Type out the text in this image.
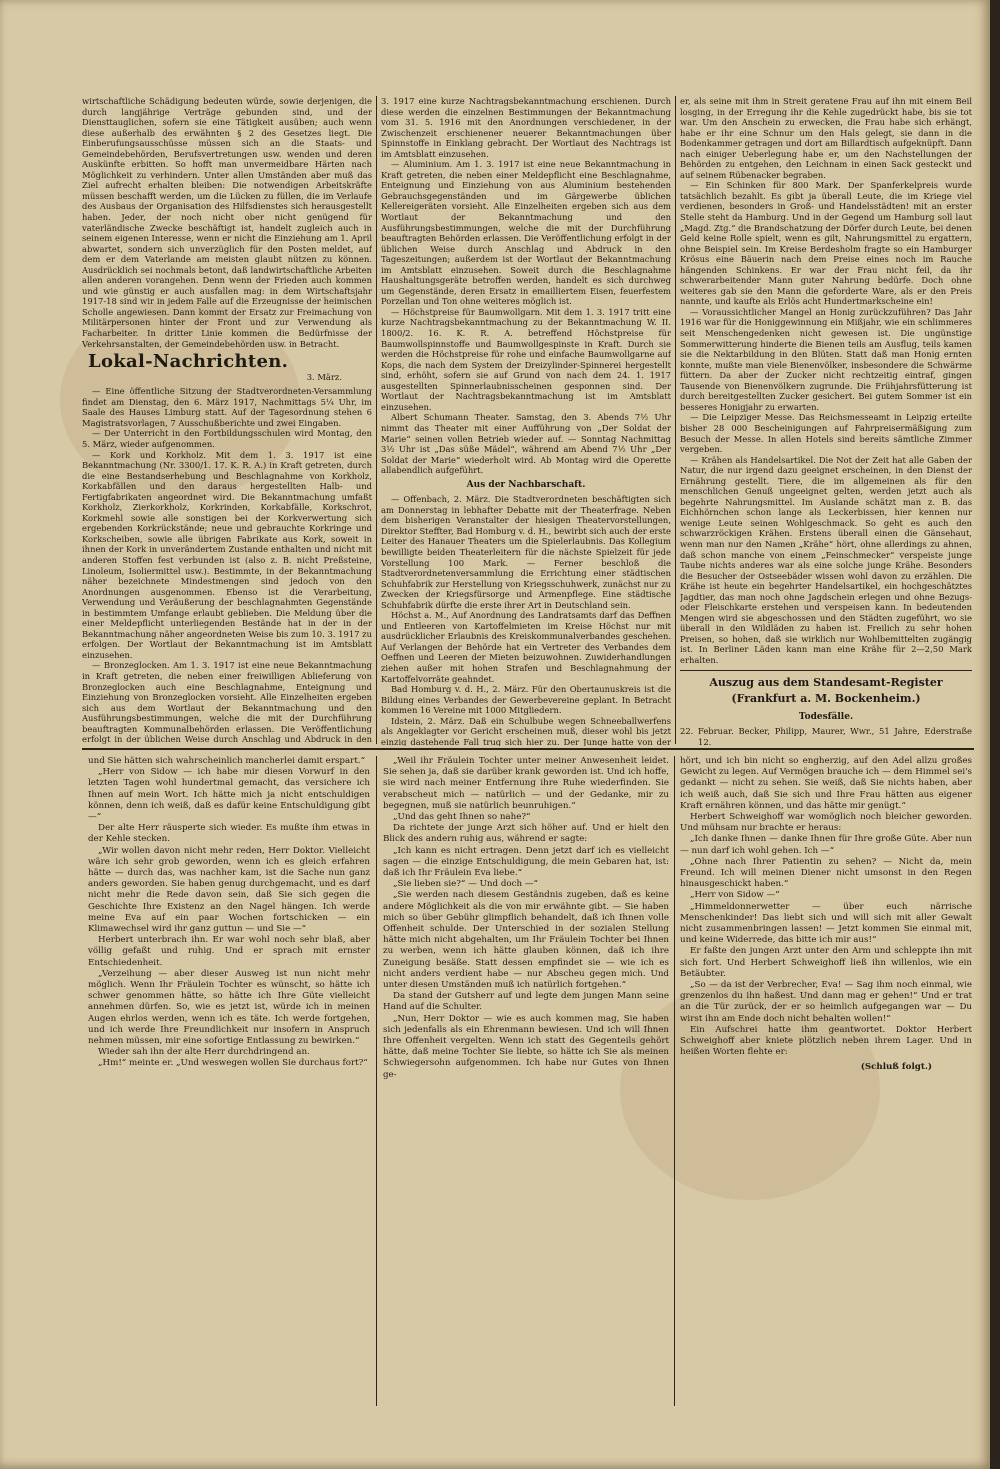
wirtschaftliche Schädigung bedeuten würde, sowie derjenigen, die durch langjährige Verträge gebunden sind, und der Diensttauglichen, sofern sie eine Tätigkeit ausüben; auch wenn diese außerhalb des erwähnten § 2 des Gesetzes liegt. Die Einberufungsausschüsse müssen sich an die Staats- und Gemeindebehörden, Berufsvertretungen usw. wenden und deren Auskünfte erbitten. So hofft man unvermeidbare Härten nach Möglichkeit zu verhindern. Unter allen Umständen aber muß das Ziel aufrecht erhalten bleiben: Die notwendigen Arbeitskräfte müssen beschafft werden, um die Lücken zu füllen, die im Verlaufe des Ausbaus der Organisation des Hilfsdienstes sich herausgestellt haben. Jeder, der noch nicht ober nicht genügend für vaterländische Zwecke beschäftigt ist, handelt zugleich auch in seinem eigenen Interesse, wenn er nicht die Einziehung am 1. April abwartet, sondern sich unverzüglich für den Posten meldet, auf dem er dem Vaterlande am meisten glaubt nützen zu können. Ausdrücklich sei nochmals betont, daß landwirtschaftliche Arbeiten allen anderen vorangehen. Denn wenn der Frieden auch kommen und wie günstig er auch ausfallen mag: in dem Wirtschaftsjahr 1917-18 sind wir in jedem Falle auf die Erzeugnisse der heimischen Scholle angewiesen. Dann kommt der Ersatz zur Freimachung von Militärpersonen hinter der Front und zur Verwendung als Facharbeiter. In dritter Linie kommen die Bedürfnisse der Verkehrsanstalten, der Gemeindebehörden usw. in Betracht.

Lokal-Nachrichten.
3. März.

— Eine öffentliche Sitzung der Stadtverordneten-Versammlung findet am Dienstag, den 6. März 1917, Nachmittags 5¼ Uhr, im Saale des Hauses Limburg statt. Auf der Tagesordnung stehen 6 Magistratsvorlagen, 7 Ausschußberichte und zwei Eingaben.

— Der Unterricht in den Fortbildungsschulen wird Montag, den 5. März, wieder aufgenommen.

— Kork und Korkholz. Mit dem 1. 3. 1917 ist eine Bekanntmachung (Nr. 3300/1. 17. K. R. A.) in Kraft getreten, durch die eine Bestandserhebung und Beschlagnahme von Korkholz, Korkabfällen und den daraus hergestellten Halb- und Fertigfabrikaten angeordnet wird. Die Bekanntmachung umfaßt Korkholz, Zierkorkholz, Korkrinden, Korkabfälle, Korkschrot, Korkmehl sowie alle sonstigen bei der Korkverwertung sich ergebenden Korkrückstände; neue und gebrauchte Korkringe und Korkscheiben, sowie alle übrigen Fabrikate aus Kork, soweit in ihnen der Kork in unverändertem Zustande enthalten und nicht mit anderen Stoffen fest verbunden ist (also z. B. nicht Preßsteine, Linoleum, Isoliermittel usw.). Bestimmte, in der Bekanntmachung näher bezeichnete Mindestmengen sind jedoch von den Anordnungen ausgenommen. Ebenso ist die Verarbeitung, Verwendung und Veräußerung der beschlagnahmten Gegenstände in bestimmtem Umfange erlaubt geblieben. Die Meldung über die einer Meldepflicht unterliegenden Bestände hat in der in der Bekanntmachung näher angeordneten Weise bis zum 10. 3. 1917 zu erfolgen. Der Wortlaut der Bekanntmachung ist im Amtsblatt einzusehen.

— Bronzeglocken. Am 1. 3. 1917 ist eine neue Bekanntmachung in Kraft getreten, die neben einer freiwilligen Ablieferung von Bronzeglocken auch eine Beschlagnahme, Enteignung und Einziehung von Bronzeglocken vorsieht. Alle Einzelheiten ergeben sich aus dem Wortlaut der Bekanntmachung und den Ausführungsbestimmungen, welche die mit der Durchführung beauftragten Kommunalbehörden erlassen. Die Veröffentlichung erfolgt in der üblichen Weise durch Anschlag und Abdruck in den

3. 1917 eine kurze Nachtragsbekanntmachung erschienen. Durch diese werden die einzelnen Bestimmungen der Bekanntmachung vom 31. 5. 1916 mit den Anordnungen verschiedener, in der Zwischenzeit erschienener neuerer Bekanntmachungen über Spinnstoffe in Einklang gebracht. Der Wortlaut des Nachtrags ist im Amtsblatt einzusehen.

— Aluminium. Am 1. 3. 1917 ist eine neue Bekanntmachung in Kraft getreten, die neben einer Meldepflicht eine Beschlagnahme, Enteignung und Einziehung von aus Aluminium bestehenden Gebrauchsgegenständen und im Gärgewerbe üblichen Kellereigeräten vorsieht. Alle Einzelheiten ergeben sich aus dem Wortlaut der Bekanntmachung und den Ausführungsbestimmungen, welche die mit der Durchführung beauftragten Behörden erlassen. Die Veröffentlichung erfolgt in der üblichen Weise durch Anschlag und Abdruck in den Tageszeitungen; außerdem ist der Wortlaut der Bekanntmachung im Amtsblatt einzusehen. Soweit durch die Beschlagnahme Haushaltungsgeräte betroffen werden, handelt es sich durchweg um Gegenstände, deren Ersatz in emailliertem Eisen, feuerfestem Porzellan und Ton ohne weiteres möglich ist.

— Höchstpreise für Baumwollgarn. Mit dem 1. 3. 1917 tritt eine kurze Nachtragsbekanntmachung zu der Bekanntmachung W. II. 1800/2. 16. K. R. A. betreffend Höchstpreise für Baumwollspinnstoffe und Baumwollgespinste in Kraft. Durch sie werden die Höchstpreise für rohe und einfache Baumwollgarne auf Kops, die nach dem System der Dreizylinder-Spinnerei hergestellt sind, erhöht, sofern sie auf Grund von nach dem 24. 1. 1917 ausgestellten Spinnerlaubnisscheinen gesponnen sind. Der Wortlaut der Nachtragsbekanntmachung ist im Amtsblatt einzusehen.

Albert Schumann Theater. Samstag, den 3. Abends 7½ Uhr nimmt das Theater mit einer Aufführung von „Der Soldat der Marie“ seinen vollen Betrieb wieder auf. — Sonntag Nachmittag 3½ Uhr ist „Das süße Mädel“, während am Abend 7½ Uhr „Der Soldat der Marie“ wiederholt wird. Ab Montag wird die Operette allabendlich aufgeführt.

Aus der Nachbarschaft.

— Offenbach, 2. März. Die Stadtverordneten beschäftigten sich am Donnerstag in lebhafter Debatte mit der Theaterfrage. Neben dem bisherigen Veranstalter der hiesigen Theatervorstellungen, Direktor Steffter, Bad Homburg v. d. H., bewirbt sich auch der erste Leiter des Hanauer Theaters um die Spielerlaubnis. Das Kollegium bewilligte beiden Theaterleitern für die nächste Spielzeit für jede Vorstellung 100 Mark. — Ferner beschloß die Stadtverordnetenversammlung die Errichtung einer städtischen Schuhfabrik zur Herstellung von Kriegsschuhwerk, zunächst nur zu Zwecken der Kriegsfürsorge und Armenpflege. Eine städtische Schuhfabrik dürfte die erste ihrer Art in Deutschland sein.

Höchst a. M., Auf Anordnung des Landratsamts darf das Deffnen und Entleeren von Kartoffelmieten im Kreise Höchst nur mit ausdrücklicher Erlaubnis des Kreiskommunalverbandes geschehen. Auf Verlangen der Behörde hat ein Vertreter des Verbandes dem Oeffnen und Leeren der Mieten beizuwohnen. Zuwiderhandlungen ziehen außer mit hohen Strafen und Beschlagnahmung der Kartoffelvorräte geahndet.

Bad Homburg v. d. H., 2. März. Für den Obertaunuskreis ist die Bildung eines Verbandes der Gewerbevereine geplant. In Betracht kommen 16 Vereine mit 1000 Mitgliedern.

Idstein, 2. März. Daß ein Schulbube wegen Schneeballwerfens als Angeklagter vor Gericht erscheinen muß, dieser wohl bis jetzt einzig dastehende Fall trug sich hier zu. Der Junge hatte von der

er, als seine mit ihm in Streit geratene Frau auf ihn mit einem Beil losging, in der Erregung ihr die Kehle zugedrückt habe, bis sie tot war. Um den Anschein zu erwecken, die Frau habe sich erhängt, habe er ihr eine Schnur um den Hals gelegt, sie dann in die Bodenkammer getragen und dort am Billardtisch aufgeknüpft. Dann nach einiger Ueberlegung habe er, um den Nachstellungen der Behörden zu entgehen, den Leichnam in einen Sack gesteckt und auf seinem Rübenacker begraben.

— Ein Schinken für 800 Mark. Der Spanferkelpreis wurde tatsächlich bezahlt. Es gibt ja überall Leute, die im Kriege viel verdienen, besonders in Groß- und Handelsstädten! mit an erster Stelle steht da Hamburg. Und in der Gegend um Hamburg soll laut „Magd. Ztg.“ die Brandschatzung der Dörfer durch Leute, bei denen Geld keine Rolle spielt, wenn es gilt, Nahrungsmittel zu ergattern, ohne Beispiel sein. Im Kreise Berdesholm fragte so ein Hamburger Krösus eine Bäuerin nach dem Preise eines noch im Rauche hängenden Schinkens. Er war der Frau nicht feil, da ihr schwerarbeitender Mann guter Nahrung bedürfe. Doch ohne weiteres gab sie den Mann die geforderte Ware, als er den Preis nannte, und kaufte als Erlös acht Hundertmarkscheine ein!

— Voraussichtlicher Mangel an Honig zurückzuführen? Das Jahr 1916 war für die Honiggewinnung ein Mißjahr, wie ein schlimmeres seit Menschengedenken nicht gewesen ist. Die ungünstige Sommerwitterung hinderte die Bienen teils am Ausflug, teils kamen sie die Nektarbildung in den Blüten. Statt daß man Honig ernten konnte, mußte man viele Bienenvölker, insbesondere die Schwärme füttern. Da aber der Zucker nicht rechtzeitig eintraf, gingen Tausende von Bienenvölkern zugrunde. Die Frühjahrsfütterung ist durch bereitgestellten Zucker gesichert. Bei gutem Sommer ist ein besseres Honigjahr zu erwarten.

— Die Leipziger Messe. Das Reichsmesseamt in Leipzig erteilte bisher 28 000 Bescheinigungen auf Fahrpreisermäßigung zum Besuch der Messe. In allen Hotels sind bereits sämtliche Zimmer vergeben.

— Krähen als Handelsartikel. Die Not der Zeit hat alle Gaben der Natur, die nur irgend dazu geeignet erscheinen, in den Dienst der Ernährung gestellt. Tiere, die im allgemeinen als für den menschlichen Genuß ungeeignet gelten, werden jetzt auch als begehrte Nahrungsmittel. Im Auslande schätzt man z. B. das Eichhörnchen schon lange als Leckerbissen, hier kennen nur wenige Leute seinen Wohlgeschmack. So geht es auch den schwarzröckigen Krähen. Erstens überall einen die Gänsehaut, wenn man nur den Namen „Krähe“ hört, ohne allerdings zu ahnen, daß schon manche von einem „Feinschmecker“ verspeiste junge Taube nichts anderes war als eine solche junge Krähe. Besonders die Besucher der Ostseebäder wissen wohl davon zu erzählen. Die Krähe ist heute ein begehrter Handelsartikel, ein hochgeschätztes Jagdtier, das man noch ohne Jagdschein erlegen und ohne Bezugs- oder Fleischkarte erstehen und verspeisen kann. In bedeutenden Mengen wird sie abgeschossen und den Städten zugeführt, wo sie überall in den Wildläden zu haben ist. Freilich zu sehr hohen Preisen, so hohen, daß sie wirklich nur Wohlbemittelten zugängig ist. In Berliner Läden kann man eine Krähe für 2—2,50 Mark erhalten.

Auszug aus dem Standesamt-Register
(Frankfurt a. M. Bockenheim.)
Todesfälle.
22. Februar. Becker, Philipp, Maurer, Wwr., 51 Jahre, Ederstraße 12.

und Sie hätten sich wahrscheinlich mancherlei damit erspart.“

„Herr von Sidow — ich habe mir diesen Vorwurf in den letzten Tagen wohl hundertmal gemacht, das versichere ich Ihnen auf mein Wort. Ich hätte mich ja nicht entschuldigen können, denn ich weiß, daß es dafür keine Entschuldigung gibt —“

Der alte Herr räusperte sich wieder. Es mußte ihm etwas in der Kehle stecken.

„Wir wollen davon nicht mehr reden, Herr Doktor. Vielleicht wäre ich sehr grob geworden, wenn ich es gleich erfahren hätte — durch das, was nachher kam, ist die Sache nun ganz anders geworden. Sie haben genug durchgemacht, und es darf nicht mehr die Rede davon sein, daß Sie sich gegen die Geschichte Ihre Existenz an den Nagel hängen. Ich werde meine Eva auf ein paar Wochen fortschicken — ein Klimawechsel wird ihr ganz guttun — und Sie —“

Herbert unterbrach ihn. Er war wohl noch sehr blaß, aber völlig gefaßt und ruhig. Und er sprach mit ernster Entschiedenheit.

„Verzeihung — aber dieser Ausweg ist nun nicht mehr möglich. Wenn Ihr Fräulein Tochter es wünscht, so hätte ich schwer genommen hätte, so hätte ich Ihre Güte vielleicht annehmen dürfen. So, wie es jetzt ist, würde ich in meinen Augen ehrlos werden, wenn ich es täte. Ich werde fortgehen, und ich werde Ihre Freundlichkeit nur insofern in Anspruch nehmen müssen, mir eine sofortige Entlassung zu bewirken.“

Wieder sah ihn der alte Herr durchdringend an.

„Hm!“ meinte er. „Und weswegen wollen Sie durchaus fort?“

„Weil ihr Fräulein Tochter unter meiner Anwesenheit leidet. Sie sehen ja, daß sie darüber krank geworden ist. Und ich hoffe, sie wird nach meiner Entfernung ihre Ruhe wiederfinden. Sie verabscheut mich — natürlich — und der Gedanke, mir zu begegnen, muß sie natürlich beunruhigen.“

„Und das geht Ihnen so nahe?“

Da richtete der junge Arzt sich höher auf. Und er hielt den Blick des andern ruhig aus, während er sagte:

„Ich kann es nicht ertragen. Denn jetzt darf ich es vielleicht sagen — die einzige Entschuldigung, die mein Gebaren hat, ist: daß ich Ihr Fräulein Eva liebe.“

„Sie lieben sie?“ — Und doch —“

„Sie werden nach diesem Geständnis zugeben, daß es keine andere Möglichkeit als die von mir erwähnte gibt. — Sie haben mich so über Gebühr glimpflich behandelt, daß ich Ihnen volle Offenheit schulde. Der Unterschied in der sozialen Stellung hätte mich nicht abgehalten, um Ihr Fräulein Tochter bei Ihnen zu werben, wenn ich hätte glauben können, daß ich ihre Zuneigung besäße. Statt dessen empfindet sie — wie ich es nicht anders verdient habe — nur Abscheu gegen mich. Und unter diesen Umständen muß ich natürlich fortgehen.“

Da stand der Gutsherr auf und legte dem jungen Mann seine Hand auf die Schulter.

„Nun, Herr Doktor — wie es auch kommen mag, Sie haben sich jedenfalls als ein Ehrenmann bewiesen. Und ich will Ihnen Ihre Offenheit vergelten. Wenn ich statt des Gegenteils gehört hätte, daß meine Tochter Sie liebte, so hätte ich Sie als meinen Schwiegersohn aufgenommen. Ich habe nur Gutes von Ihnen ge-

hört, und ich bin nicht so engherzig, auf den Adel allzu großes Gewicht zu legen. Auf Vermögen brauche ich — dem Himmel sei's gedankt — nicht zu sehen. Sie weiß, daß Sie nichts haben, aber ich weiß auch, daß Sie sich und Ihre Frau hätten aus eigener Kraft ernähren können, und das hätte mir genügt.“

Herbert Schweighoff war womöglich noch bleicher geworden. Und mühsam nur brachte er heraus:

„Ich danke Ihnen — danke Ihnen für Ihre große Güte. Aber nun — nun darf ich wohl gehen. Ich —“

„Ohne nach Ihrer Patientin zu sehen? — Nicht da, mein Freund. Ich will meinen Diener nicht umsonst in den Regen hinausgeschickt haben.“

„Herr von Sidow —“

„Himmeldonnerwetter — über euch närrische Menschenkinder! Das liebt sich und will sich mit aller Gewalt nicht zusammenbringen lassen! — Jetzt kommen Sie einmal mit, und keine Widerrede, das bitte ich mir aus!“

Er faßte den jungen Arzt unter den Arm und schleppte ihn mit sich fort. Und Herbert Schweighoff ließ ihn willenlos, wie ein Betäubter.

„So — da ist der Verbrecher, Eva! — Sag ihm noch einmal, wie grenzenlos du ihn haßest. Und dann mag er gehen!“ Und er trat an die Tür zurück, der er so heimlich aufgegangen war — Du wirst ihn am Ende doch nicht behalten wollen!“

Ein Aufschrei hatte ihm geantwortet. Doktor Herbert Schweighoff aber kniete plötzlich neben ihrem Lager. Und in heißen Worten flehte er:

(Schluß folgt.)
